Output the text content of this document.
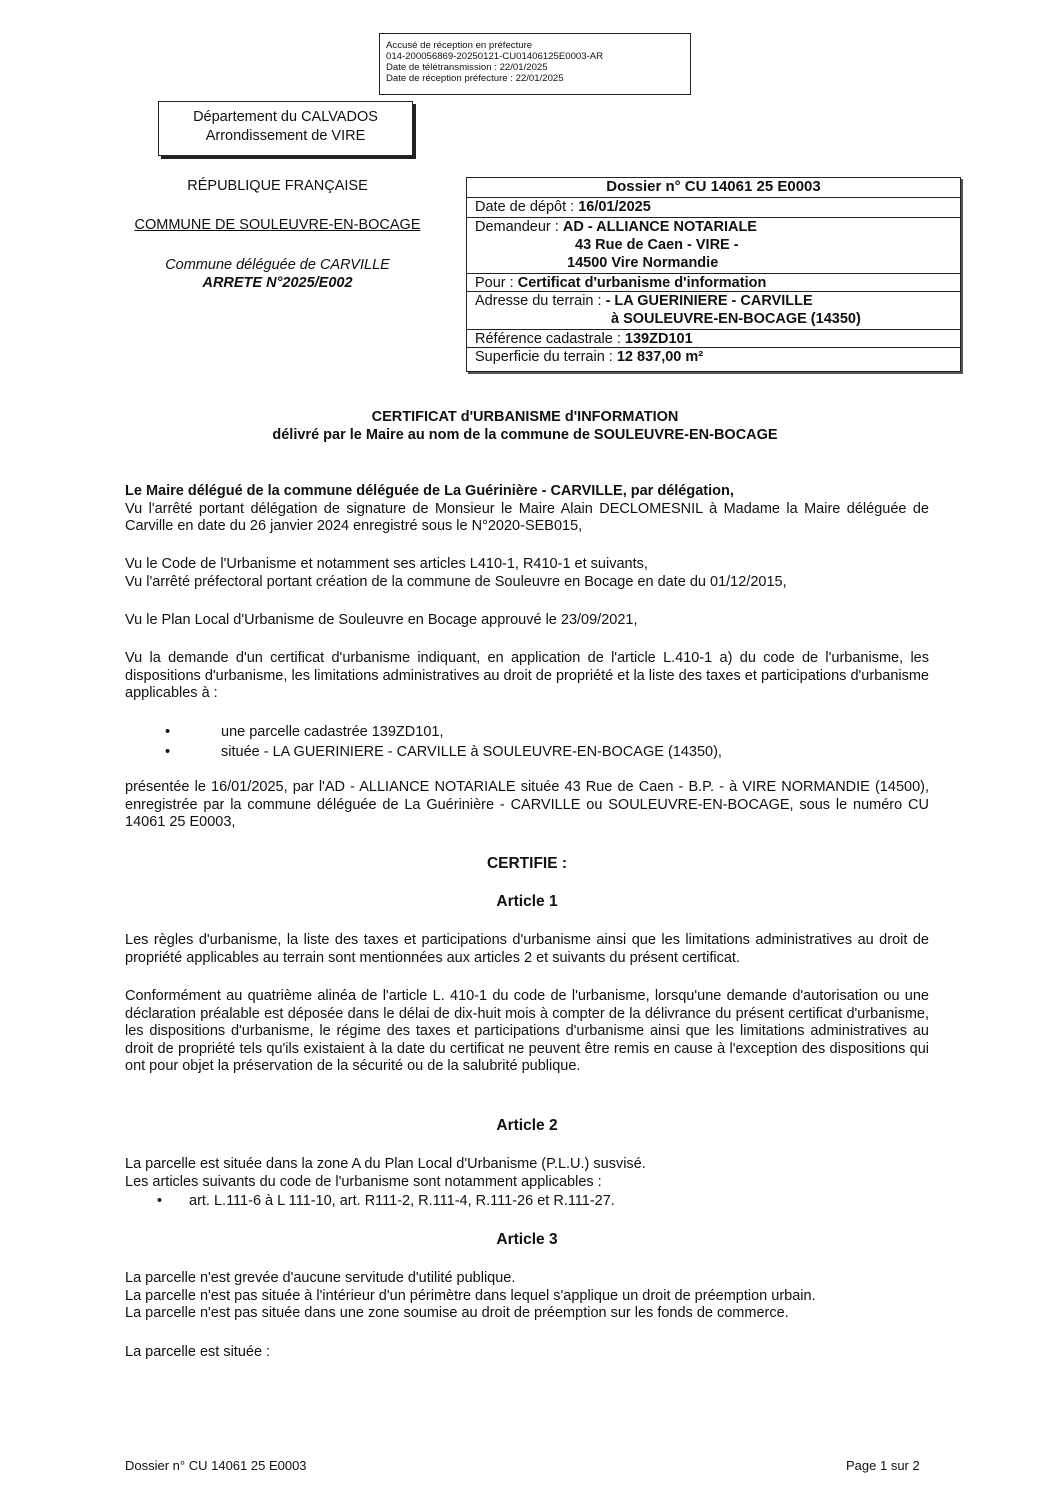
Accusé de réception en préfecture
014-200056869-20250121-CU01406125E0003-AR
Date de télétransmission : 22/01/2025
Date de réception préfecture : 22/01/2025
Département du CALVADOS
Arrondissement de VIRE
RÉPUBLIQUE FRANÇAISE
COMMUNE DE SOULEUVRE-EN-BOCAGE
Commune déléguée de CARVILLE
ARRETE N°2025/E002
Dossier n° CU 14061 25 E0003
Date de dépôt : 16/01/2025
Demandeur : AD - ALLIANCE NOTARIALE
43 Rue de Caen - VIRE -
14500 Vire Normandie
Pour : Certificat d'urbanisme d'information
Adresse du terrain : - LA GUERINIERE - CARVILLE
à SOULEUVRE-EN-BOCAGE (14350)
Référence cadastrale : 139ZD101
Superficie du terrain : 12 837,00 m²
CERTIFICAT d'URBANISME d'INFORMATION
délivré par le Maire au nom de la commune de SOULEUVRE-EN-BOCAGE

Le Maire délégué de la commune déléguée de La Guérinière - CARVILLE, par délégation,

Vu l'arrêté portant délégation de signature de Monsieur le Maire Alain DECLOMESNIL à Madame la Maire déléguée de Carville en date du 26 janvier 2024 enregistré sous le N°2020-SEB015,

Vu le Code de l'Urbanisme et notamment ses articles L410-1, R410-1 et suivants,

Vu l'arrêté préfectoral portant création de la commune de Souleuvre en Bocage en date du 01/12/2015,

Vu le Plan Local d'Urbanisme de Souleuvre en Bocage approuvé le 23/09/2021,

Vu la demande d'un certificat d'urbanisme indiquant, en application de l'article L.410-1 a) du code de l'urbanisme, les dispositions d'urbanisme, les limitations administratives au droit de propriété et la liste des taxes et participations d'urbanisme applicables à :

•	une parcelle cadastrée 139ZD101,
•	située - LA GUERINIERE - CARVILLE à SOULEUVRE-EN-BOCAGE (14350),

présentée le 16/01/2025, par l'AD - ALLIANCE NOTARIALE située 43 Rue de Caen - B.P. - à VIRE NORMANDIE (14500), enregistrée par la commune déléguée de La Guérinière - CARVILLE ou SOULEUVRE-EN-BOCAGE, sous le numéro CU 14061 25 E0003,

CERTIFIE :
Article 1

Les règles d'urbanisme, la liste des taxes et participations d'urbanisme ainsi que les limitations administratives au droit de propriété applicables au terrain sont mentionnées aux articles 2 et suivants du présent certificat.

Conformément au quatrième alinéa de l'article L. 410-1 du code de l'urbanisme, lorsqu'une demande d'autorisation ou une déclaration préalable est déposée dans le délai de dix-huit mois à compter de la délivrance du présent certificat d'urbanisme, les dispositions d'urbanisme, le régime des taxes et participations d'urbanisme ainsi que les limitations administratives au droit de propriété tels qu'ils existaient à la date du certificat ne peuvent être remis en cause à l'exception des dispositions qui ont pour objet la préservation de la sécurité ou de la salubrité publique.

Article 2

La parcelle est située dans la zone A du Plan Local d'Urbanisme (P.L.U.) susvisé.

Les articles suivants du code de l'urbanisme sont notamment applicables :

• art. L.111-6 à L 111-10, art. R111-2, R.111-4, R.111-26 et R.111-27.
Article 3

La parcelle n'est grevée d'aucune servitude d'utilité publique.

La parcelle n'est pas située à l'intérieur d'un périmètre dans lequel s'applique un droit de préemption urbain.

La parcelle n'est pas située dans une zone soumise au droit de préemption sur les fonds de commerce.

La parcelle est située :

Dossier n° CU 14061 25 E0003	Page 1 sur 2
